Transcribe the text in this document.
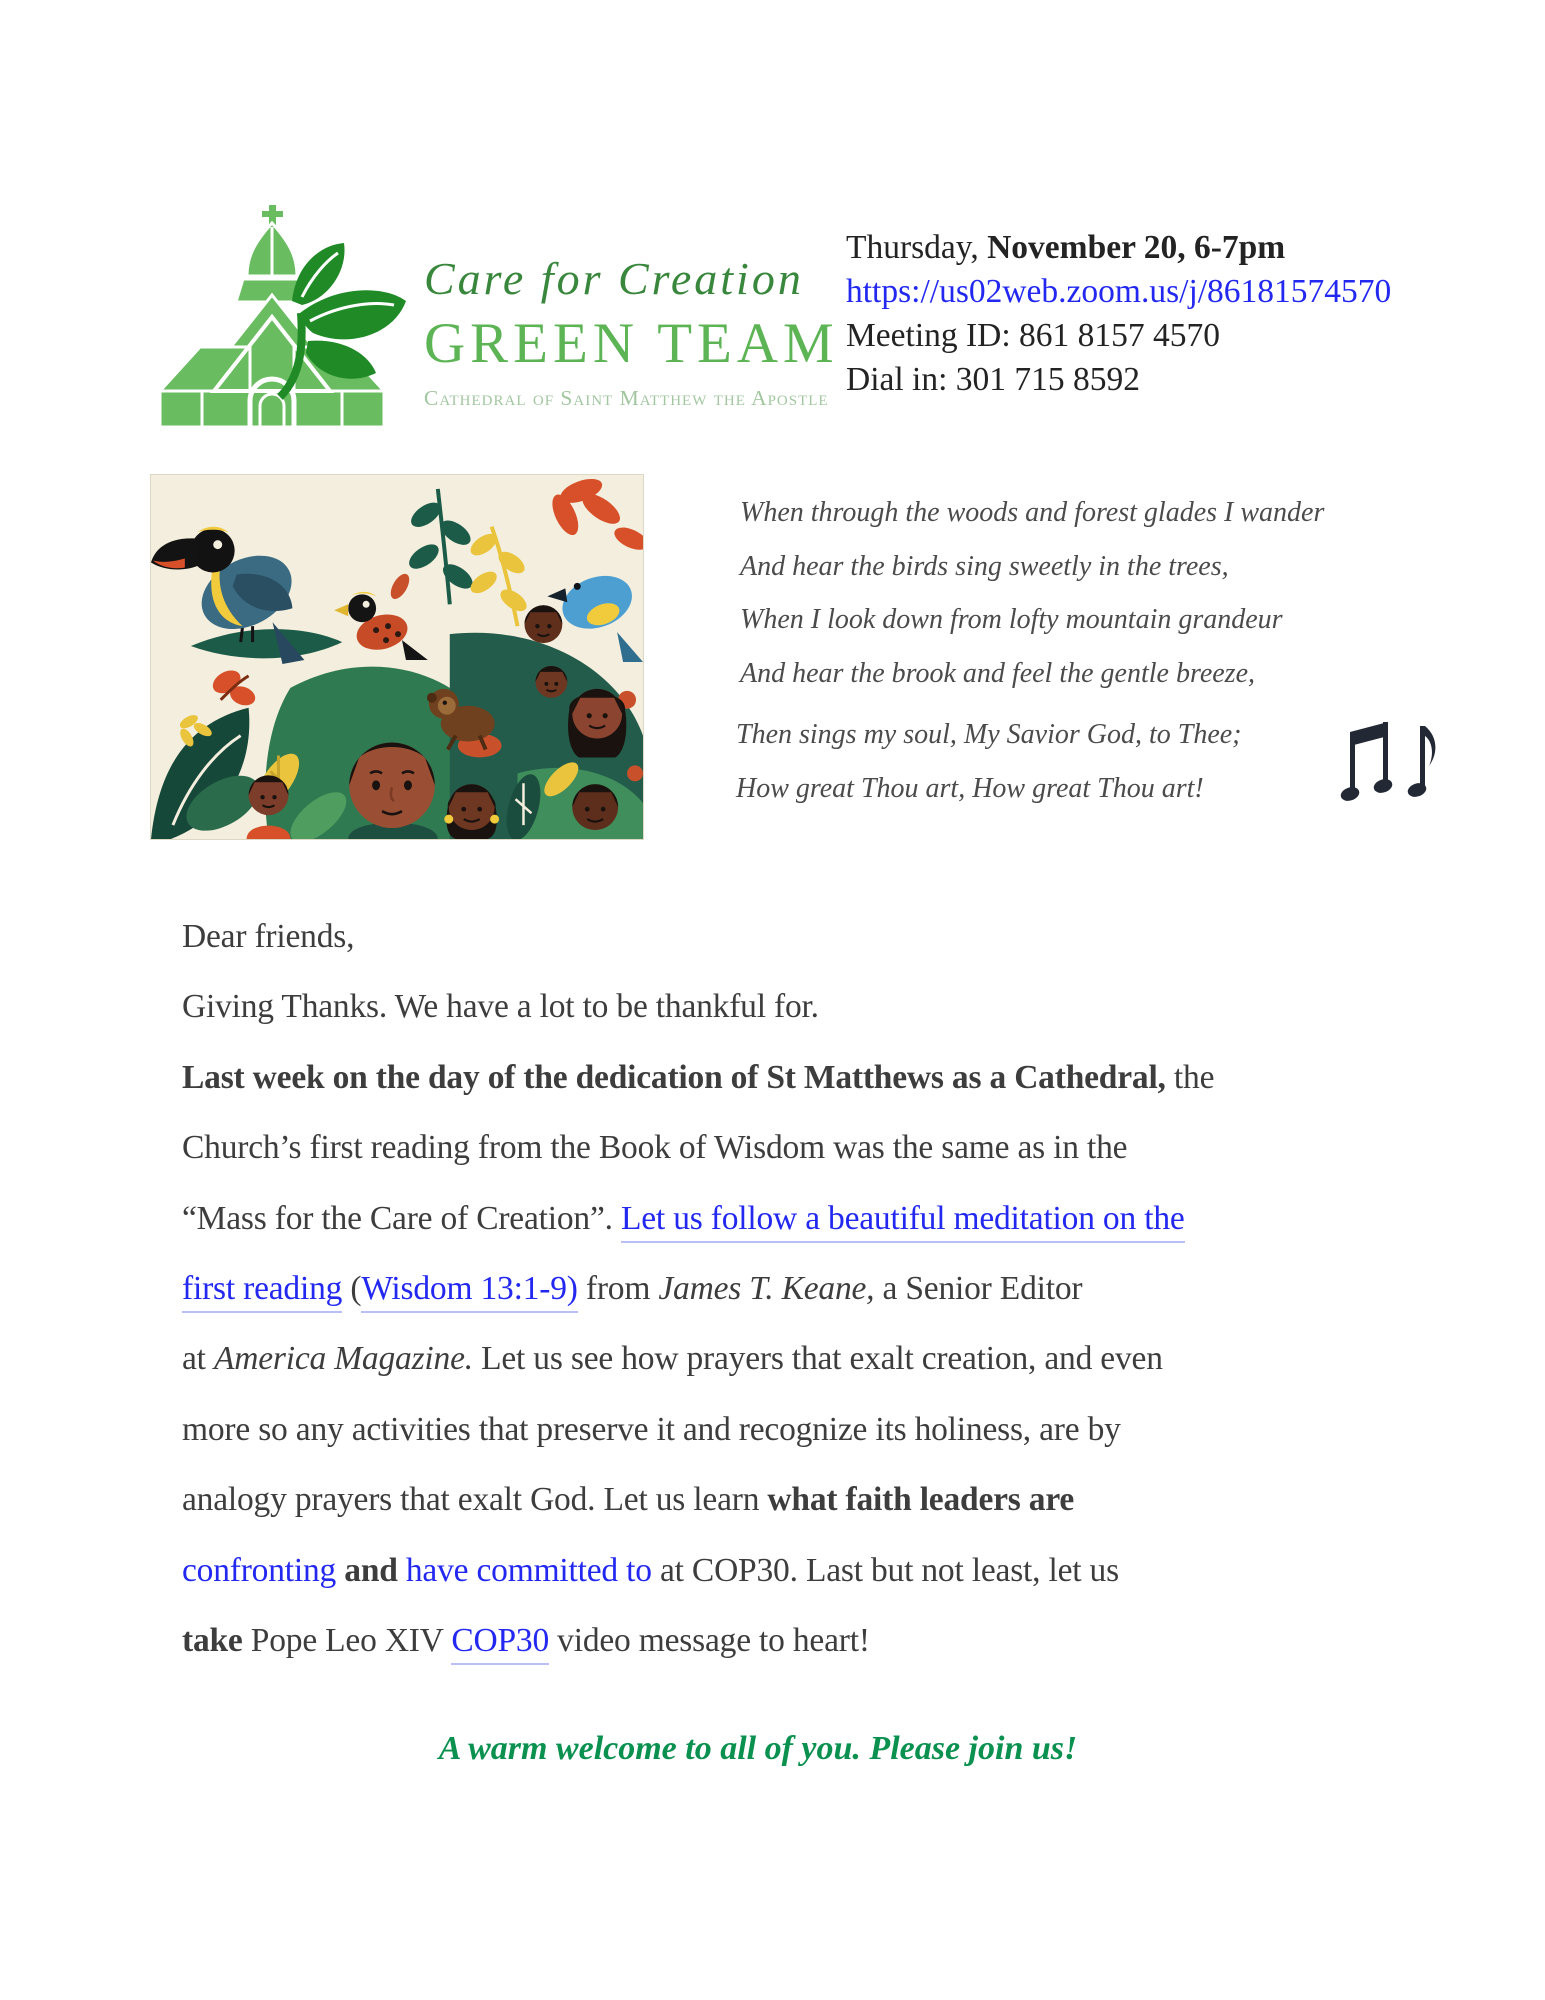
Care for Creation
GREEN TEAM
Cathedral of Saint Matthew the Apostle
Thursday, November 20, 6-7pm
https://us02web.zoom.us/j/86181574570
Meeting ID: 861 8157 4570
Dial in: 301 715 8592
When through the woods and forest glades I wander
And hear the birds sing sweetly in the trees,
When I look down from lofty mountain grandeur
And hear the brook and feel the gentle breeze,
Then sings my soul, My Savior God, to Thee;
How great Thou art, How great Thou art!
Dear friends,
Giving Thanks. We have a lot to be thankful for.
Last week on the day of the dedication of St Matthews as a Cathedral, the
Church’s first reading from the Book of Wisdom was the same as in the
“Mass for the Care of Creation”. Let us follow a beautiful meditation on the
first reading (Wisdom 13:1-9) from James T. Keane, a Senior Editor
at America Magazine. Let us see how prayers that exalt creation, and even
more so any activities that preserve it and recognize its holiness, are by
analogy prayers that exalt God. Let us learn what faith leaders are
confronting and have committed to at COP30. Last but not least, let us
take Pope Leo XIV COP30 video message to heart!
A warm welcome to all of you. Please join us!
